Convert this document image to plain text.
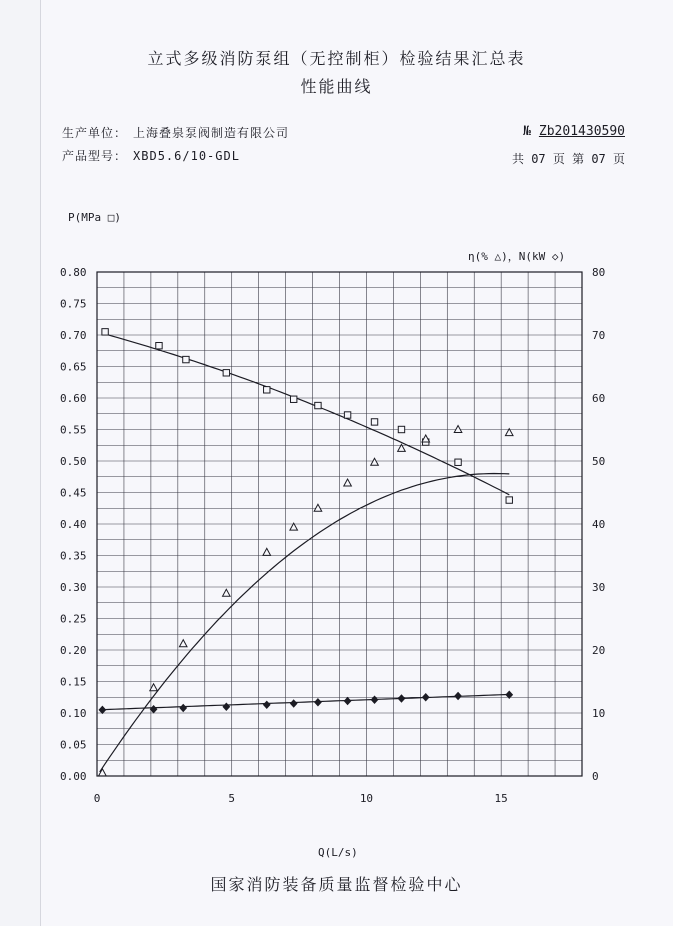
立式多级消防泵组（无控制柜）检验结果汇总表
性能曲线
生产单位： 上海叠泉泵阀制造有限公司
产品型号： XBD5.6/10-GDL
№ Zb201430590
共 07 页 第 07 页
0.00
0.05
0.10
0.15
0.20
0.25
0.30
0.35
0.40
0.45
0.50
0.55
0.60
0.65
0.70
0.75
0.80
0
10
20
30
40
50
60
70
80
0	5	10	15
P(MPa □)
η(% △)，N(kW ◇)
Q(L/s)
国家消防装备质量监督检验中心
